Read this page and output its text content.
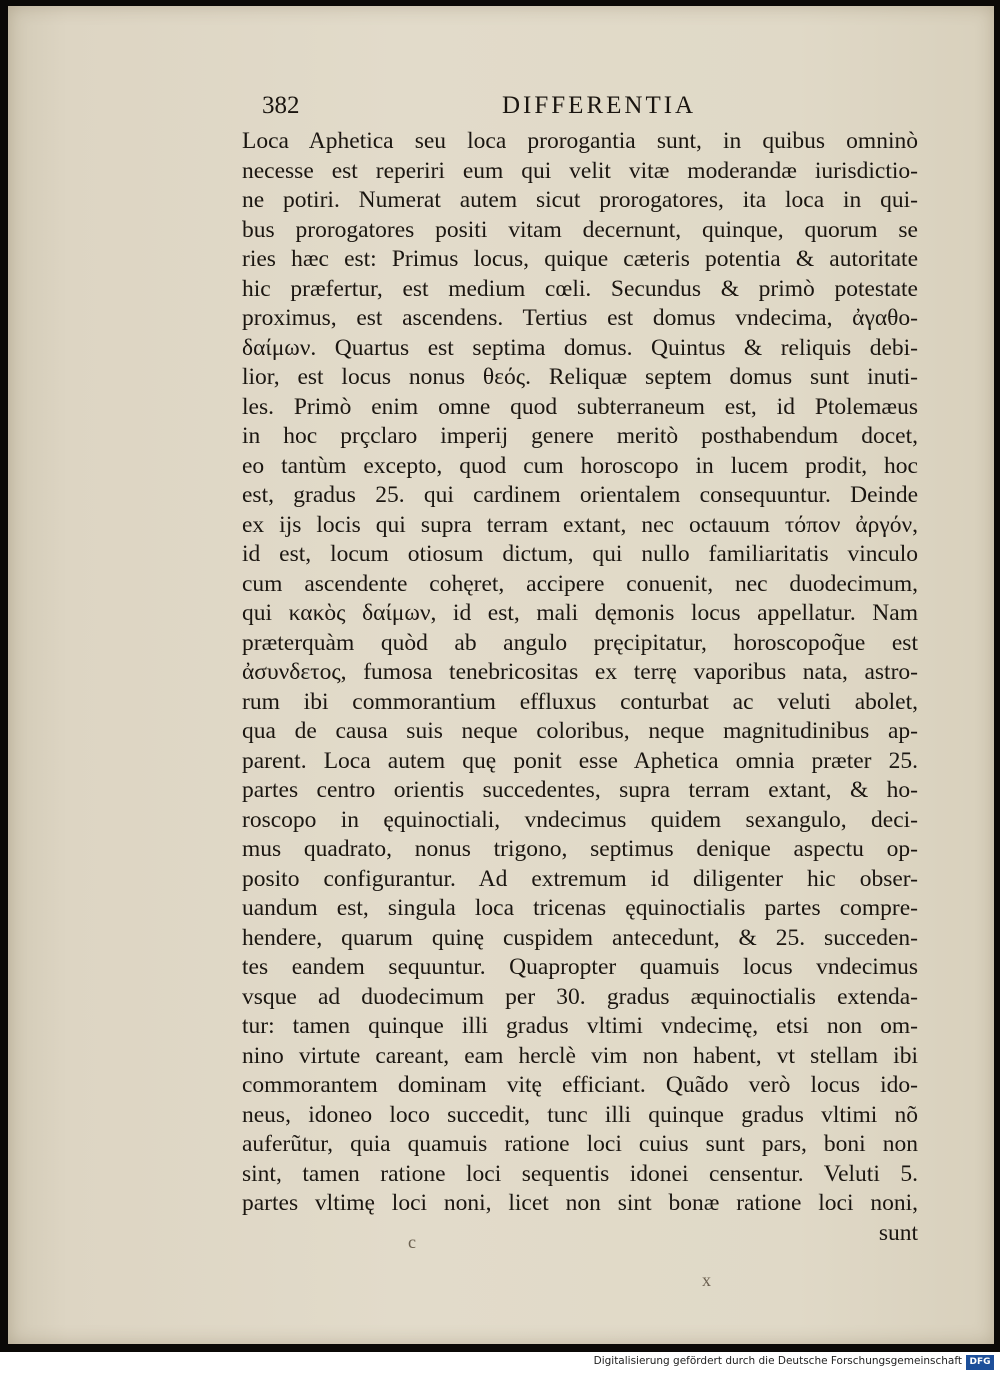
382	DIFFERENTIA
Loca Aphetica seu loca prorogantia sunt, in quibus omninò
necesse est reperiri eum qui velit vitæ moderandæ iurisdictio-
ne potiri. Numerat autem sicut prorogatores, ita loca in qui-
bus prorogatores positi vitam decernunt, quinque, quorum se
ries hæc est: Primus locus, quique cæteris potentia & autoritate
hic præfertur, est medium cœli. Secundus & primò potestate
proximus, est ascendens. Tertius est domus vndecima, ἀγαθο-
δαίμων. Quartus est septima domus. Quintus & reliquis debi-
lior, est locus nonus θεός. Reliquæ septem domus sunt inuti-
les. Primò enim omne quod subterraneum est, id Ptolemæus
in hoc prçclaro imperij genere meritò posthabendum docet,
eo tantùm excepto, quod cum horoscopo in lucem prodit, hoc
est, gradus 25. qui cardinem orientalem consequuntur. Deinde
ex ijs locis qui supra terram extant, nec octauum τόπον ἀργόν,
id est, locum otiosum dictum, qui nullo familiaritatis vinculo
cum ascendente cohęret, accipere conuenit, nec duodecimum,
qui κακὸς δαίμων, id est, mali dęmonis locus appellatur. Nam
prӕterquàm quòd ab angulo pręcipitatur, horoscopoq̃ue est
ἀσυνδετος, fumosa tenebricositas ex terrę vaporibus nata, astro-
rum ibi commorantium effluxus conturbat ac veluti abolet,
qua de causa suis neque coloribus, neque magnitudinibus ap-
parent. Loca autem quę ponit esse Aphetica omnia prӕter 25.
partes centro orientis succedentes, supra terram extant, & ho-
roscopo in ęquinoctiali, vndecimus quidem sexangulo, deci-
mus quadrato, nonus trigono, septimus denique aspectu op-
posito configurantur. Ad extremum id diligenter hic obser-
uandum est, singula loca tricenas ęquinoctialis partes compre-
hendere, quarum quinę cuspidem antecedunt, & 25. succeden-
tes eandem sequuntur. Quapropter quamuis locus vndecimus
vsque ad duodecimum per 30. gradus æquinoctialis extenda-
tur: tamen quinque illi gradus vltimi vndecimę, etsi non om-
nino virtute careant, eam herclè vim non habent, vt stellam ibi
commorantem dominam vitę efficiant. Quãdo verò locus ido-
neus, idoneo loco succedit, tunc illi quinque gradus vltimi nõ
auferũtur, quia quamuis ratione loci cuius sunt pars, boni non
sint, tamen ratione loci sequentis idonei censentur. Veluti 5.
partes vltimę loci noni, licet non sint bonæ ratione loci noni,
sunt
c
x
Digitalisierung gefördert durch die Deutsche Forschungsgemeinschaft DFG
